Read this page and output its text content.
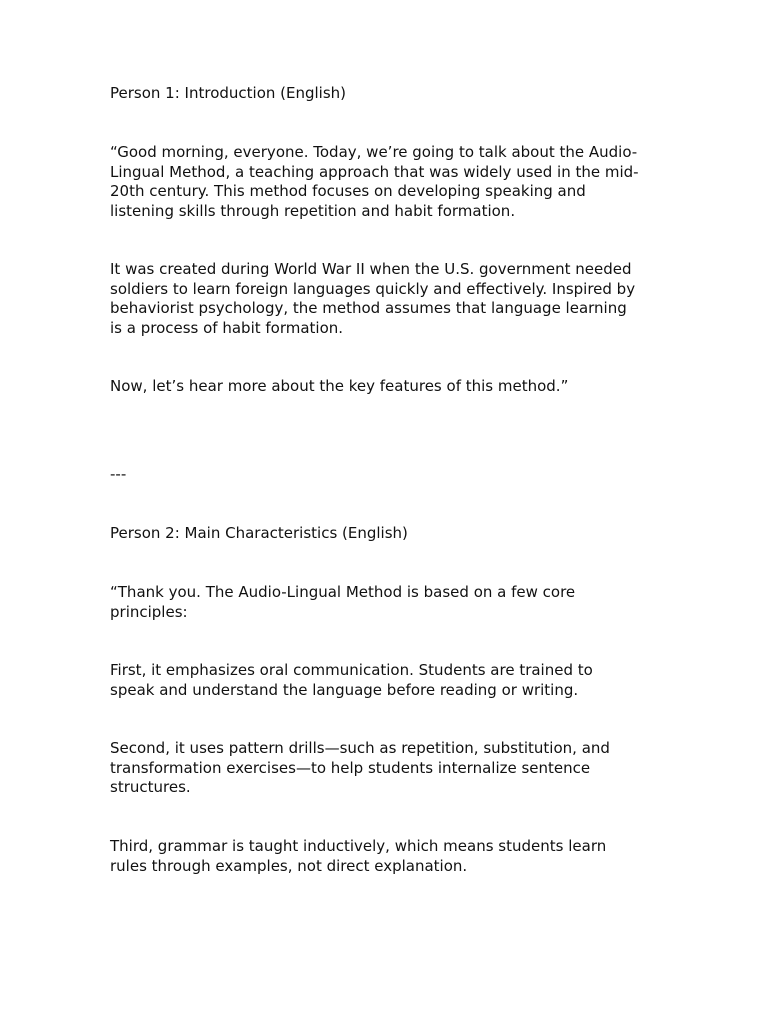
Person 1: Introduction (English)

“Good morning, everyone. Today, we’re going to talk about the Audio-
Lingual Method, a teaching approach that was widely used in the mid-
20th century. This method focuses on developing speaking and
listening skills through repetition and habit formation.

It was created during World War II when the U.S. government needed
soldiers to learn foreign languages quickly and effectively. Inspired by
behaviorist psychology, the method assumes that language learning
is a process of habit formation.

Now, let’s hear more about the key features of this method.”

---

Person 2: Main Characteristics (English)

“Thank you. The Audio-Lingual Method is based on a few core
principles:

First, it emphasizes oral communication. Students are trained to
speak and understand the language before reading or writing.

Second, it uses pattern drills—such as repetition, substitution, and
transformation exercises—to help students internalize sentence
structures.

Third, grammar is taught inductively, which means students learn
rules through examples, not direct explanation.
